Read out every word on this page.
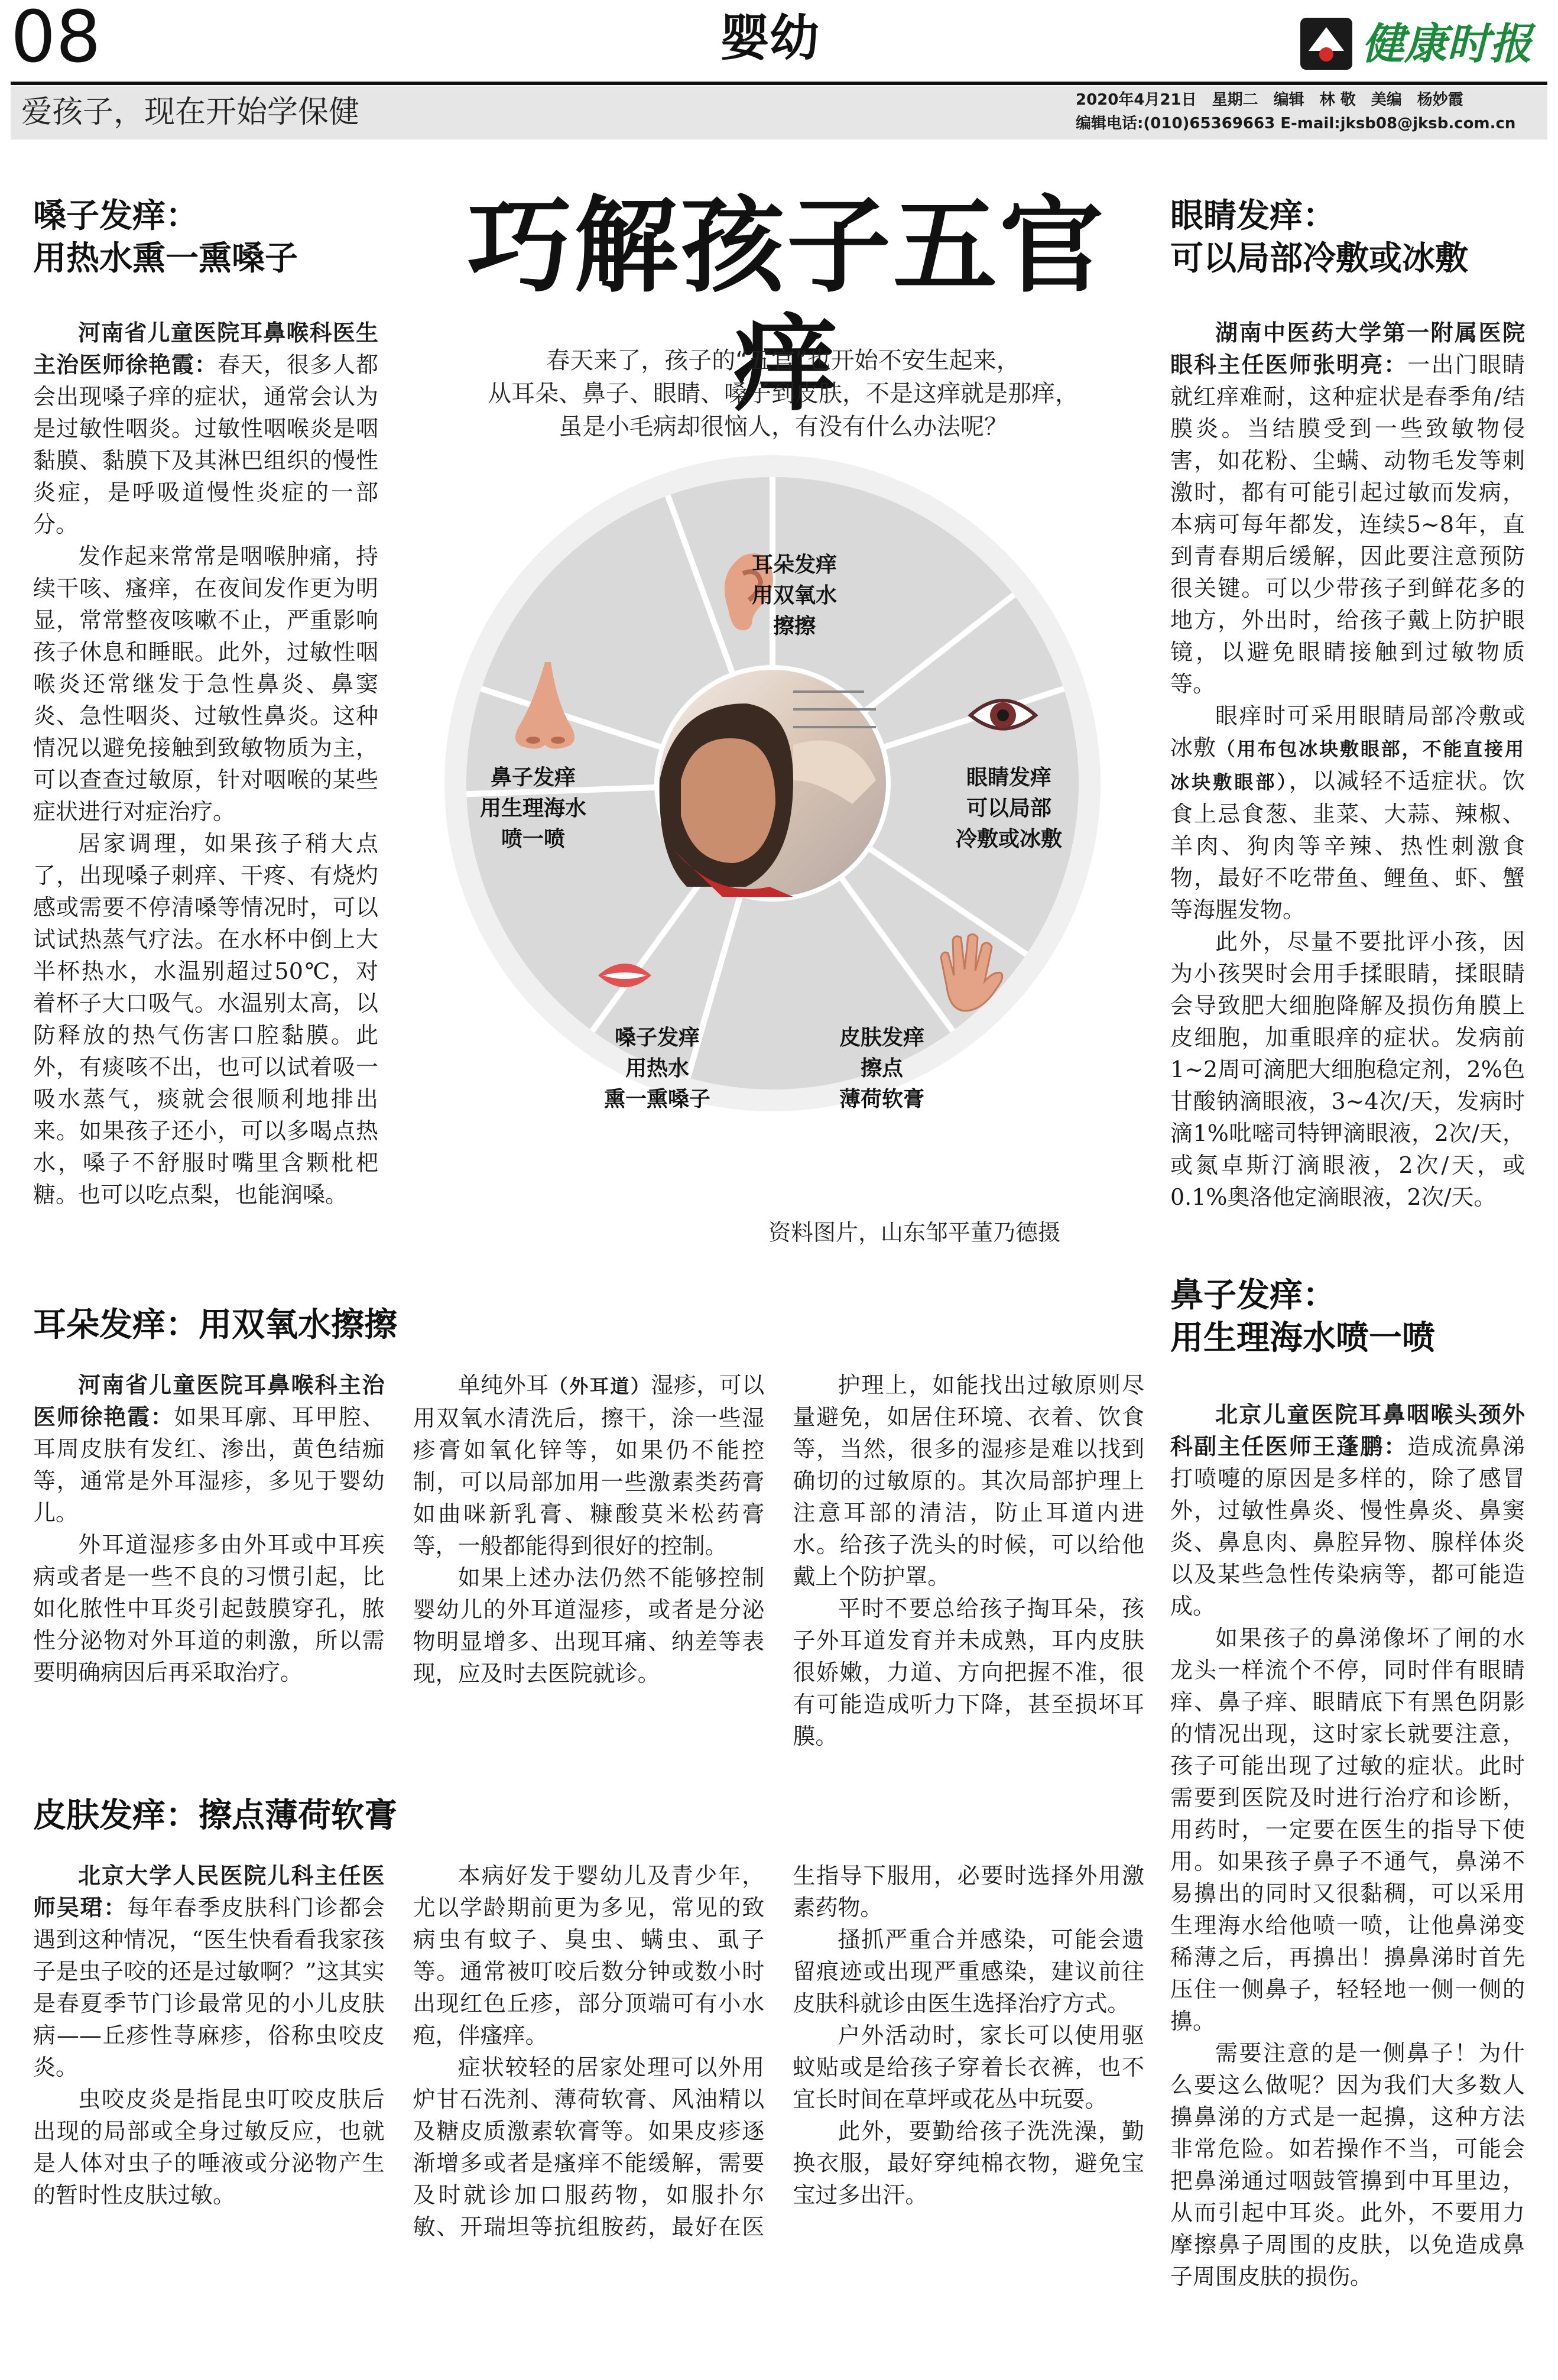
08	婴幼	健康时报
爱孩子，现在开始学保健	2020年4月21日　星期二　编辑　林 敬　美编　杨妙霞
编辑电话:(010)65369663 E-mail:jksb08@jksb.com.cn
巧解孩子五官痒
春天来了，孩子的“五官”也开始不安生起来，
从耳朵、鼻子、眼睛、嗓子到皮肤，不是这痒就是那痒，
虽是小毛病却很恼人，有没有什么办法呢？
耳朵发痒
用双氧水
擦擦
眼睛发痒
可以局部
冷敷或冰敷
皮肤发痒
擦点
薄荷软膏
嗓子发痒
用热水
熏一熏嗓子
鼻子发痒
用生理海水
喷一喷
资料图片，山东邹平董乃德摄
嗓子发痒：
用热水熏一熏嗓子

河南省儿童医院耳鼻喉科医生主治医师徐艳霞：春天，很多人都会出现嗓子痒的症状，通常会认为是过敏性咽炎。过敏性咽喉炎是咽黏膜、黏膜下及其淋巴组织的慢性炎症，是呼吸道慢性炎症的一部分。

发作起来常常是咽喉肿痛，持续干咳、瘙痒，在夜间发作更为明显，常常整夜咳嗽不止，严重影响孩子休息和睡眠。此外，过敏性咽喉炎还常继发于急性鼻炎、鼻窦炎、急性咽炎、过敏性鼻炎。这种情况以避免接触到致敏物质为主，可以查查过敏原，针对咽喉的某些症状进行对症治疗。

居家调理，如果孩子稍大点了，出现嗓子刺痒、干疼、有烧灼感或需要不停清嗓等情况时，可以试试热蒸气疗法。在水杯中倒上大半杯热水，水温别超过50℃，对着杯子大口吸气。水温别太高，以防释放的热气伤害口腔黏膜。此外，有痰咳不出，也可以试着吸一吸水蒸气，痰就会很顺利地排出来。如果孩子还小，可以多喝点热水，嗓子不舒服时嘴里含颗枇杷糖。也可以吃点梨，也能润嗓。

眼睛发痒：
可以局部冷敷或冰敷

湖南中医药大学第一附属医院眼科主任医师张明亮：一出门眼睛就红痒难耐，这种症状是春季角/结膜炎。当结膜受到一些致敏物侵害，如花粉、尘螨、动物毛发等刺激时，都有可能引起过敏而发病，本病可每年都发，连续5~8年，直到青春期后缓解，因此要注意预防很关键。可以少带孩子到鲜花多的地方，外出时，给孩子戴上防护眼镜，以避免眼睛接触到过敏物质等。

眼痒时可采用眼睛局部冷敷或冰敷（用布包冰块敷眼部，不能直接用冰块敷眼部），以减轻不适症状。饮食上忌食葱、韭菜、大蒜、辣椒、羊肉、狗肉等辛辣、热性刺激食物，最好不吃带鱼、鲤鱼、虾、蟹等海腥发物。

此外，尽量不要批评小孩，因为小孩哭时会用手揉眼睛，揉眼睛会导致肥大细胞降解及损伤角膜上皮细胞，加重眼痒的症状。发病前1~2周可滴肥大细胞稳定剂，2%色甘酸钠滴眼液，3~4次/天，发病时滴1%吡嘧司特钾滴眼液，2次/天，或氮卓斯汀滴眼液，2次/天，或0.1%奥洛他定滴眼液，2次/天。

鼻子发痒：
用生理海水喷一喷

北京儿童医院耳鼻咽喉头颈外科副主任医师王蓬鹏：造成流鼻涕打喷嚏的原因是多样的，除了感冒外，过敏性鼻炎、慢性鼻炎、鼻窦炎、鼻息肉、鼻腔异物、腺样体炎以及某些急性传染病等，都可能造成。

如果孩子的鼻涕像坏了闸的水龙头一样流个不停，同时伴有眼睛痒、鼻子痒、眼睛底下有黑色阴影的情况出现，这时家长就要注意，孩子可能出现了过敏的症状。此时需要到医院及时进行治疗和诊断，用药时，一定要在医生的指导下使用。如果孩子鼻子不通气，鼻涕不易擤出的同时又很黏稠，可以采用生理海水给他喷一喷，让他鼻涕变稀薄之后，再擤出！擤鼻涕时首先压住一侧鼻子，轻轻地一侧一侧的擤。

需要注意的是一侧鼻子！为什么要这么做呢？因为我们大多数人擤鼻涕的方式是一起擤，这种方法非常危险。如若操作不当，可能会把鼻涕通过咽鼓管擤到中耳里边，从而引起中耳炎。此外，不要用力摩擦鼻子周围的皮肤，以免造成鼻子周围皮肤的损伤。

耳朵发痒：用双氧水擦擦

河南省儿童医院耳鼻喉科主治医师徐艳霞：如果耳廓、耳甲腔、耳周皮肤有发红、渗出，黄色结痂等，通常是外耳湿疹，多见于婴幼儿。

外耳道湿疹多由外耳或中耳疾病或者是一些不良的习惯引起，比如化脓性中耳炎引起鼓膜穿孔，脓性分泌物对外耳道的刺激，所以需要明确病因后再采取治疗。

单纯外耳（外耳道）湿疹，可以用双氧水清洗后，擦干，涂一些湿疹膏如氧化锌等，如果仍不能控制，可以局部加用一些激素类药膏如曲咪新乳膏、糠酸莫米松药膏等，一般都能得到很好的控制。

如果上述办法仍然不能够控制婴幼儿的外耳道湿疹，或者是分泌物明显增多、出现耳痛、纳差等表现，应及时去医院就诊。

护理上，如能找出过敏原则尽量避免，如居住环境、衣着、饮食等，当然，很多的湿疹是难以找到确切的过敏原的。其次局部护理上注意耳部的清洁，防止耳道内进水。给孩子洗头的时候，可以给他戴上个防护罩。

平时不要总给孩子掏耳朵，孩子外耳道发育并未成熟，耳内皮肤很娇嫩，力道、方向把握不准，很有可能造成听力下降，甚至损坏耳膜。

皮肤发痒：擦点薄荷软膏

北京大学人民医院儿科主任医师吴珺：每年春季皮肤科门诊都会遇到这种情况，“医生快看看我家孩子是虫子咬的还是过敏啊？”这其实是春夏季节门诊最常见的小儿皮肤病——丘疹性荨麻疹，俗称虫咬皮炎。

虫咬皮炎是指昆虫叮咬皮肤后出现的局部或全身过敏反应，也就是人体对虫子的唾液或分泌物产生的暂时性皮肤过敏。

本病好发于婴幼儿及青少年，尤以学龄期前更为多见，常见的致病虫有蚊子、臭虫、螨虫、虱子等。通常被叮咬后数分钟或数小时出现红色丘疹，部分顶端可有小水疱，伴瘙痒。

症状较轻的居家处理可以外用炉甘石洗剂、薄荷软膏、风油精以及糖皮质激素软膏等。如果皮疹逐渐增多或者是瘙痒不能缓解，需要及时就诊加口服药物，如服扑尔敏、开瑞坦等抗组胺药，最好在医生指导下服用，必要时选择外用激素药物。

搔抓严重合并感染，可能会遗留痕迹或出现严重感染，建议前往皮肤科就诊由医生选择治疗方式。

户外活动时，家长可以使用驱蚊贴或是给孩子穿着长衣裤，也不宜长时间在草坪或花丛中玩耍。

此外，要勤给孩子洗洗澡，勤换衣服，最好穿纯棉衣物，避免宝宝过多出汗。
